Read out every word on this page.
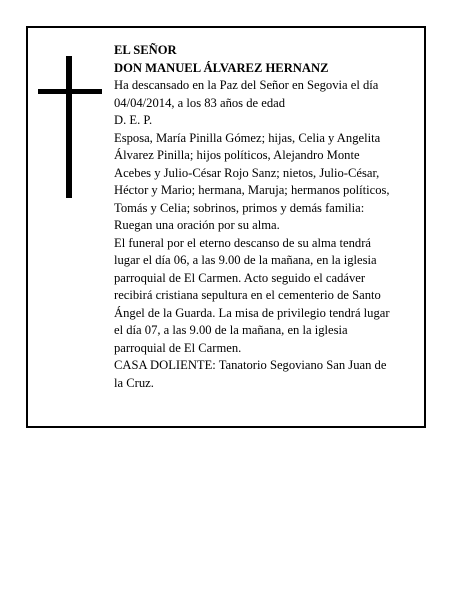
EL SEÑOR
DON MANUEL ÁLVAREZ HERNANZ
Ha descansado en la Paz del Señor en Segovia el día
04/04/2014, a los 83 años de edad
D. E. P.
Esposa, María Pinilla Gómez; hijas, Celia y Angelita
Álvarez Pinilla; hijos políticos, Alejandro Monte
Acebes y Julio-César Rojo Sanz; nietos, Julio-César,
Héctor y Mario; hermana, Maruja; hermanos políticos,
Tomás y Celia; sobrinos, primos y demás familia:
Ruegan una oración por su alma.
El funeral por el eterno descanso de su alma tendrá
lugar el día 06, a las 9.00 de la mañana, en la iglesia
parroquial de El Carmen. Acto seguido el cadáver
recibirá cristiana sepultura en el cementerio de Santo
Ángel de la Guarda. La misa de privilegio tendrá lugar
el día 07, a las 9.00 de la mañana, en la iglesia
parroquial de El Carmen.
CASA DOLIENTE: Tanatorio Segoviano San Juan de
la Cruz.
